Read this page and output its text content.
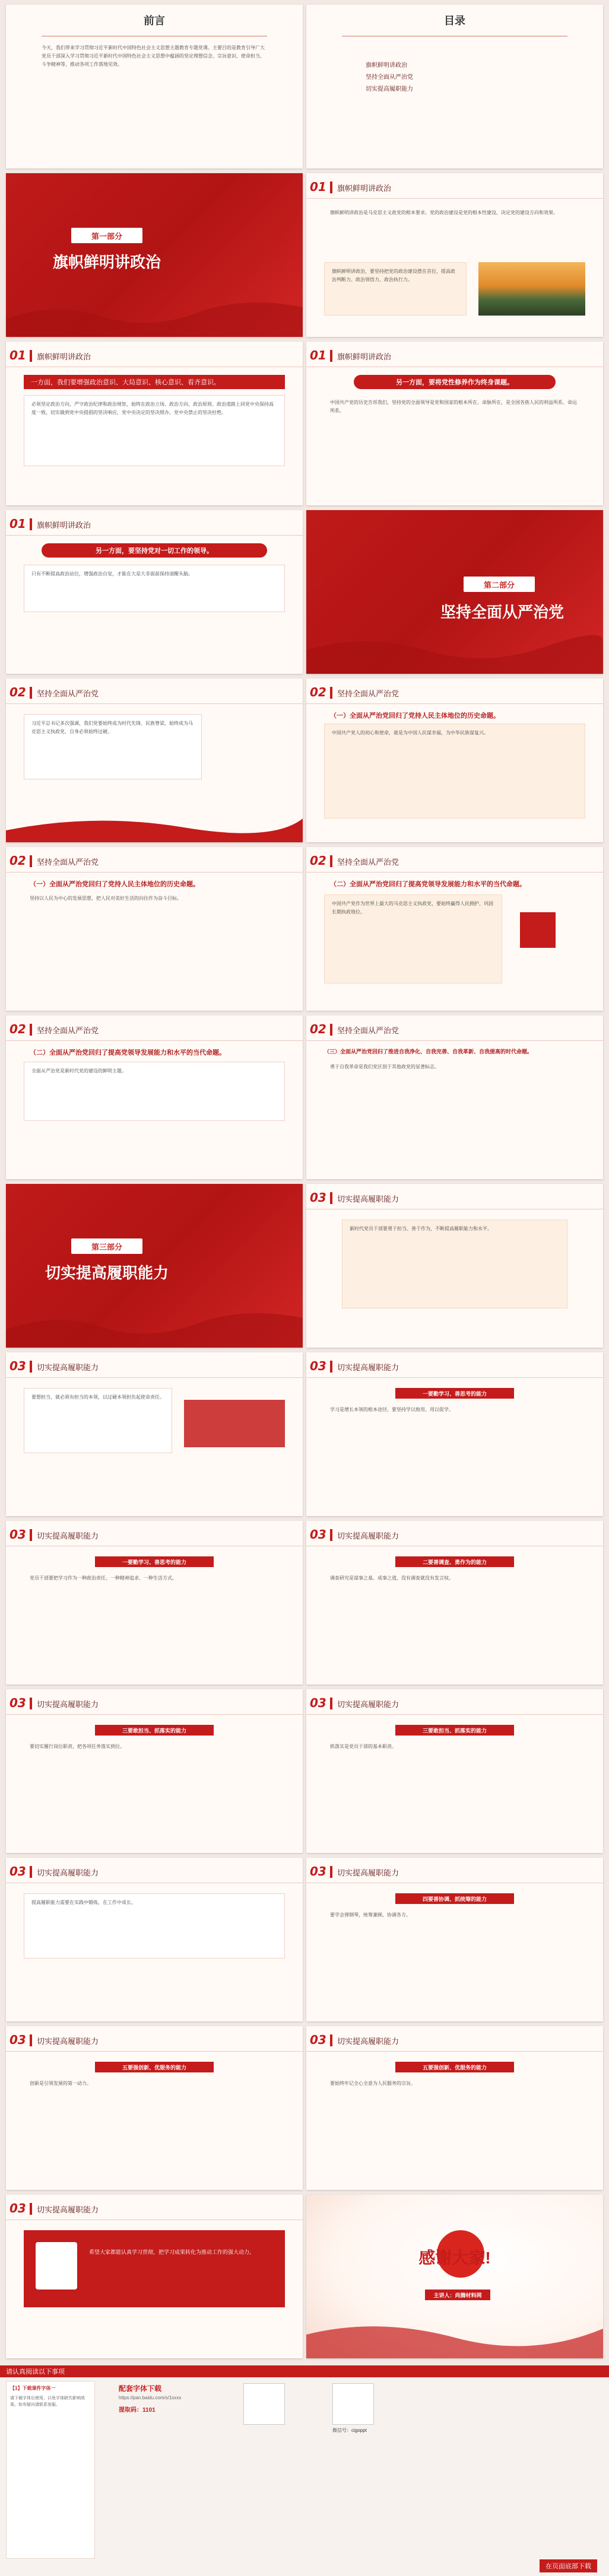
前言
今天，我们带来学习贯彻习近平新时代中国特色社会主义思想主题教育专题党课。主要目的是教育引导广大党员干部深入学习贯彻习近平新时代中国特色社会主义思想中蕴涵的坚定理想信念、宗旨意识、使命担当、斗争精神等，推动各项工作落地见效。
目录
旗帜鲜明讲政治
坚持全面从严治党
切实提高履职能力
第一部分
旗帜鲜明讲政治
01	旗帜鲜明讲政治
旗帜鲜明讲政治是马克思主义政党的根本要求。党的政治建设是党的根本性建设，决定党的建设方向和效果。
旗帜鲜明讲政治，要坚持把党的政治建设摆在首位，提高政治判断力、政治领悟力、政治执行力。
01	旗帜鲜明讲政治
一方面，我们要增强政治意识、大局意识、核心意识、看齐意识。
必须坚定政治方向，严守政治纪律和政治规矩，始终在政治立场、政治方向、政治原则、政治道路上同党中央保持高度一致，切实做到党中央提倡的坚决响应，党中央决定的坚决照办，党中央禁止的坚决杜绝。
01	旗帜鲜明讲政治
另一方面，要将党性修养作为终身课题。
中国共产党的历史告诉我们，坚持党的全面领导是党和国家的根本所在、命脉所在，是全国各族人民的利益所系、命运所系。
01	旗帜鲜明讲政治
另一方面，要坚持党对一切工作的领导。
只有不断提高政治站位，增强政治自觉，才能在大是大非面前保持清醒头脑。
第二部分
坚持全面从严治党
02	坚持全面从严治党
习近平总书记多次强调，我们党要始终成为时代先锋、民族脊梁，始终成为马克思主义执政党，自身必须始终过硬。
02	坚持全面从严治党
（一）全面从严治党回归了党持人民主体地位的历史命题。
中国共产党人的初心和使命，就是为中国人民谋幸福，为中华民族谋复兴。
02	坚持全面从严治党
（一）全面从严治党回归了党持人民主体地位的历史命题。
坚持以人民为中心的发展思想，把人民对美好生活的向往作为奋斗目标。
02	坚持全面从严治党
（二）全面从严治党回归了提高党领导发展能力和水平的当代命题。
中国共产党作为世界上最大的马克思主义执政党，要始终赢得人民拥护、巩固长期执政地位。
02	坚持全面从严治党
（二）全面从严治党回归了提高党领导发展能力和水平的当代命题。
全面从严治党是新时代党的建设的鲜明主题。
02	坚持全面从严治党
（三）全面从严治党回归了推进自我净化、自我完善、自我革新、自我提高的时代命题。
勇于自我革命是我们党区别于其他政党的显著标志。
第三部分
切实提高履职能力
03	切实提高履职能力
新时代党员干部要勇于担当、善于作为，不断提高履职能力和水平。
03	切实提高履职能力
要想担当，就必须有担当的本领，以过硬本领担负起使命责任。
03	切实提高履职能力
一要勤学习、善思考的能力
学习是增长本领的根本途径，要坚持学以致用、用以促学。
03	切实提高履职能力
一要勤学习、善思考的能力
党员干部要把学习作为一种政治责任、一种精神追求、一种生活方式。
03	切实提高履职能力
二要善调查、勇作为的能力
调查研究是谋事之基、成事之道，没有调查就没有发言权。
03	切实提高履职能力
三要敢担当、抓落实的能力
要切实履行岗位职责，把各项任务落实到位。
03	切实提高履职能力
三要敢担当、抓落实的能力
抓落实是党员干部的基本职责。
03	切实提高履职能力
提高履职能力需要在实践中锻炼，在工作中成长。
03	切实提高履职能力
四要善协调、抓统筹的能力
要学会弹钢琴，统筹兼顾、协调各方。
03	切实提高履职能力
五要强创新、优服务的能力
创新是引领发展的第一动力。
03	切实提高履职能力
五要强创新、优服务的能力
要始终牢记全心全意为人民服务的宗旨。
03	切实提高履职能力
希望大家都能认真学习贯彻，把学习成果转化为推动工作的强大动力。	感谢大家!
主讲人：尚腾材料网
请认真阅读以下事项
【1】下载课件字体一
请下载字体后使用，以免字体缺失影响效果。如有疑问请联系客服。
配套字体下载
https://pan.baidu.com/s/1xxxx
提取码：1101
微信号：cigoppt
在页面底部下载
